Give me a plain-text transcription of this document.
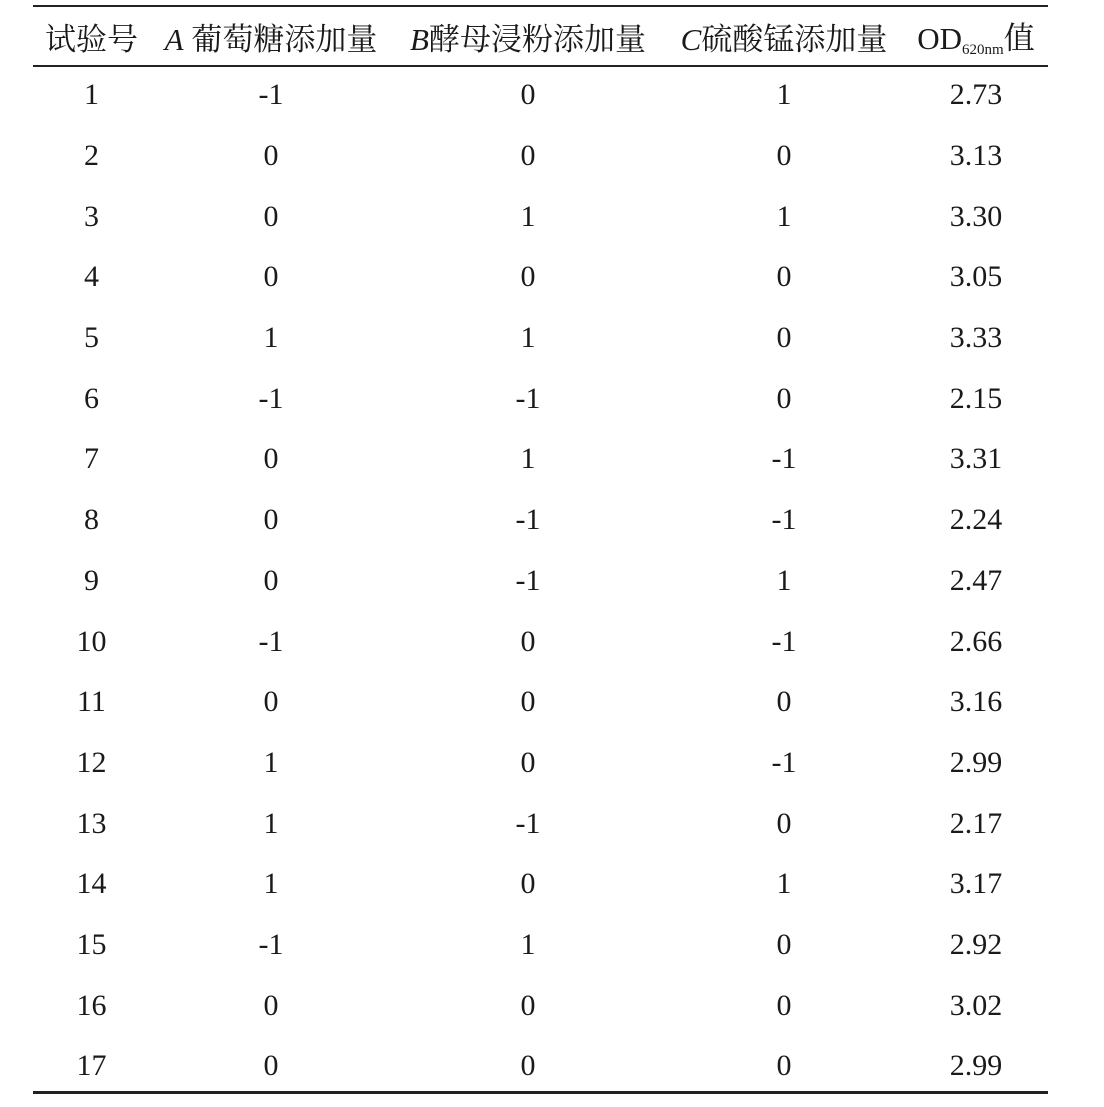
试验号	A 葡萄糖添加量	B酵母浸粉添加量	C硫酸锰添加量	$OD_{620nm}$值
1	-1	0	1	2.73
2	0	0	0	3.13
3	0	1	1	3.30
4	0	0	0	3.05
5	1	1	0	3.33
6	-1	-1	0	2.15
7	0	1	-1	3.31
8	0	-1	-1	2.24
9	0	-1	1	2.47
10	-1	0	-1	2.66
11	0	0	0	3.16
12	1	0	-1	2.99
13	1	-1	0	2.17
14	1	0	1	3.17
15	-1	1	0	2.92
16	0	0	0	3.02
17	0	0	0	2.99
